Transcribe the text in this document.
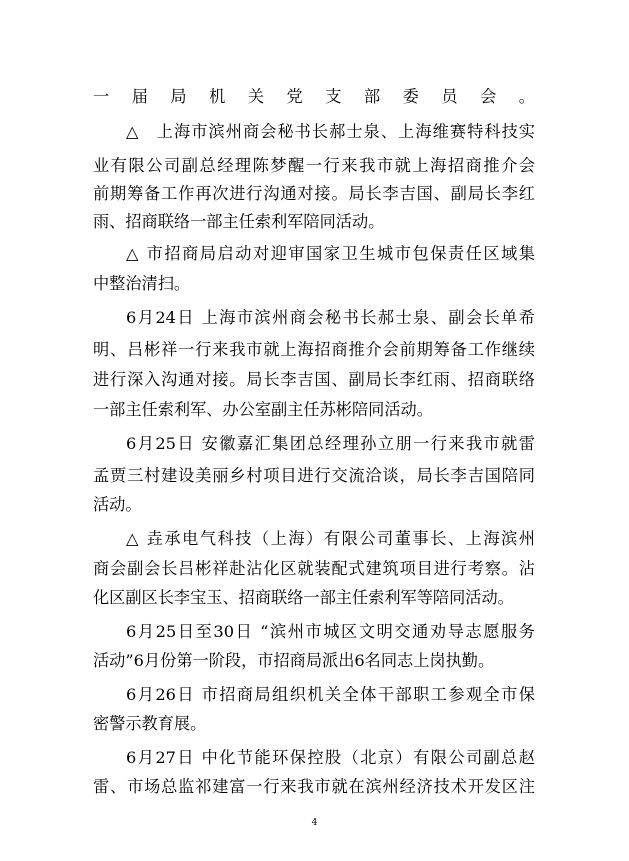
一届局机关党支部委员会。
△　上海市滨州商会秘书长郝士泉、上海维赛特科技实
业有限公司副总经理陈梦醒一行来我市就上海招商推介会
前期筹备工作再次进行沟通对接。局长李吉国、副局长李红
雨、招商联络一部主任索利军陪同活动。
△ 市招商局启动对迎审国家卫生城市包保责任区域集
中整治清扫。
6月24日 上海市滨州商会秘书长郝士泉、副会长单希
明、吕彬祥一行来我市就上海招商推介会前期筹备工作继续
进行深入沟通对接。局长李吉国、副局长李红雨、招商联络
一部主任索利军、办公室副主任苏彬陪同活动。
6月25日 安徽嘉汇集团总经理孙立朋一行来我市就雷
孟贾三村建设美丽乡村项目进行交流洽谈，局长李吉国陪同
活动。
△ 垚承电气科技（上海）有限公司董事长、上海滨州
商会副会长吕彬祥赴沾化区就装配式建筑项目进行考察。沾
化区副区长李宝玉、招商联络一部主任索利军等陪同活动。
6月25日至30日 “滨州市城区文明交通劝导志愿服务
活动”6月份第一阶段，市招商局派出6名同志上岗执勤。
6月26日 市招商局组织机关全体干部职工参观全市保
密警示教育展。
6月27日 中化节能环保控股（北京）有限公司副总赵
雷、市场总监祁建富一行来我市就在滨州经济技术开发区注
4
